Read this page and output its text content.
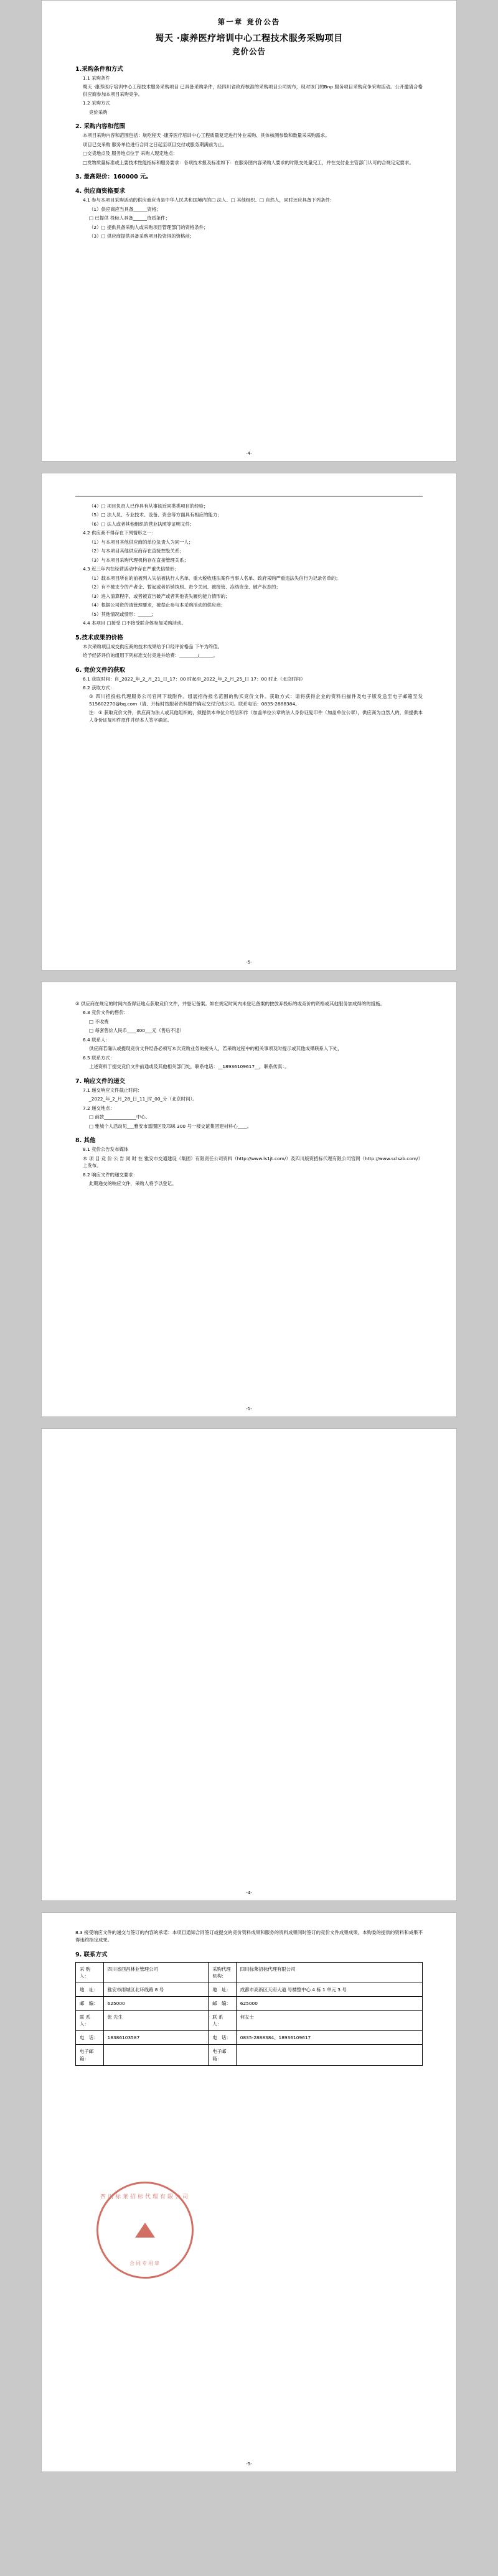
第一章 竞价公告
蜀天 ·康养医疗培训中心工程技术服务采购项目
竞价公告
1.采购条件和方式
1.1 采购条件
蜀天 ·康养医疗培训中心工程技术服务采购项目 已具备采购条件，经四川省政府核准的采购项目公司规布，现对该门的Bnp 服务项目采购竞争采购活动。公开邀请合格供应商参加本项目采购竞争。
1.2 采购方式
竞价采购
2. 采购内容和范围
本项目采购内容和范围包括：航吃程天 ·康养医疗培训中心工程质量复定进行外业采购、具体核测参数和数量采采购需求。
项目已交采购 服务单位进行合同之日起至项目交付或服务期满前为止。
□交货地点及 服务地点位于 采购人现定地点：
□发物质量标准或上要技术性能指标和服务要求：各项技术报及标准如下：在服务图内容采购人要求的时限交处量完工，并在交付业主管部门认可的合规定定要求。
3. 最高限价：160000 元。
4. 供应商资格要求
4.1 参与本项目采购活动的供应商应当是中华人民共和国境内的□ 法人、□ 其他组织、□ 自然人，同时还应具备下列条件：
（1）供应商应当具备______资格；
□ 已提供 投标人具备______资质条件；
（2）□ 提供具备采购人或采购项目管理部门的资格条件；
（3）□ 供应商提供具备采购项目投资得的资格前；
-4-
（4）□ 项目负责人已作具有从事该近同类类项目的经验；
（5）□ 法人员、专业技术、设备、资金等方面具有相应的能力；
（6）□ 法人或者其他组织的营业执照等证明文件；
4.2 供应商不得存在下列情形之一：
（1）与本项目其他供应商的单位负责人为同一人；
（2）与本项目其他供应商存在直接控股关系；
（3）与本项目采购代理机构存在直接管理关系；
4.3 近三年内在经营活动中存在严重失信情形；
（1）载本项目所在的前被列入失信被执行人名单、重大税收违法案件当事人名单、政府采购严重违法失信行为记录名单的；
（2）有不被支令的产者企、暂起或者吊销执照、责令关闭、被接管、冻结资金、破产状态的；
（3）进入清算程序，或者被宣告破产或者其他丧失履约能力情形的；
（4）根据公司资的清管理要求，被禁止参与本采购活动的供应商；
（5）其他情况或情形：______；
4.4 本项目 □接受 □不接受联合体参加采购活动。
5.技术成果的价格
本次采购项目成交供应商的技术成果给予口经评价格品 下午为终值。
给予经济评价的组用下列标准支付竞进并给费：________/______。
6. 竞价文件的获取
6.1 获取时间：自_2022_年_2_月_21_日_17：00 时起至_2022_年_2_月_25_日 17：00 时止（北京时间）
6.2 获取方式：
① 四川招投标代理服务公司官网下载附件。组展招待报名范围的购买竞价文件。获取方式：请将获得企业的资料扫描件及电子版发送至电子邮箱至发 515602270@bq.com（请、开标时按服者资料服件确定交付完成公司。联系电话：0835-2888384。
注：① 获取竞价文件，供应商为法人或其他组织的，须提供本单位介绍信和作（加盖单位公章的法人身份证复印件（加盖单位公章），供应商为自然人的，须提供本人身份证复印件原件并经本人签字确定。
-5-
② 供应商在规定的时间内查得证地点获取竞价文件，并登记备案。如在规定时间内未登记备案的按放弃投标的或竞价的资格或其他服务加成得的的措施。
6.3 竞价文件的售价：
□ 不收费
□ 每套售价人民币____300___元（售后不退）
6.4 联系人：
供应商若确认或提现竞价文件经各必须写本次竞购业务的接头人，若采购过程中的相关事项及时提示或其他成果联系人下处，
6.5 联系方式：
上述资料于提交竞价文件前通或及其他相关部门处，联系电话：__18936109617__，联系传真：。
7. 响应文件的递交
7.1 递交响应文件截止时间：
_2022_年_2_月_28_日_11_时_00_分（北京时间）。
7.2 递交地点：
□ 前款______________中心。
□ 雅城个人活动见___雅安市雷圈区及邛崃 300 号一楼交谊集团建材科心____。
8. 其他
8.1 竞价公告发布媒体
本 项 目 竞 价 公 告 同 时 在 雅安市交通建设（集团）有限责任公司资料（http://www.ls1jt.com/）及四川版资招标代理有限公司官网（http://www.sclszb.com/）上发布。
8.2 响应文件的递交要求：
此期递交的响应文件，采购人将予以登记。
-1-
-4-
8.3 接受响应文件的递交与签订的内容的承诺：本项目通知合同签订或提交的竞价资料成果和服务的资料成果同时签订的竞价文件成果成果，本购委的提供的资料和成果不得违约指定成果。
9. 联系方式
采 购 人：	四川省西昌林业管理公司	采购代理机构：	四川标莱招标代理有限公司
地　址：	雅安市雨城区北环线路 8 号	地　址：	成都市高新区天府大道 号楼整中心 4 栋 1 单元 3 号
邮　编：	625000	邮　编：	625000
联 系 人：	张 先生	联 系 人：	何女士
电　话：	18386103587	电　话：	0835-2888384、18936109617
电子邮箱：		电子邮箱：	
四川标莱招标代理有限公司
合同专用章
-5-
